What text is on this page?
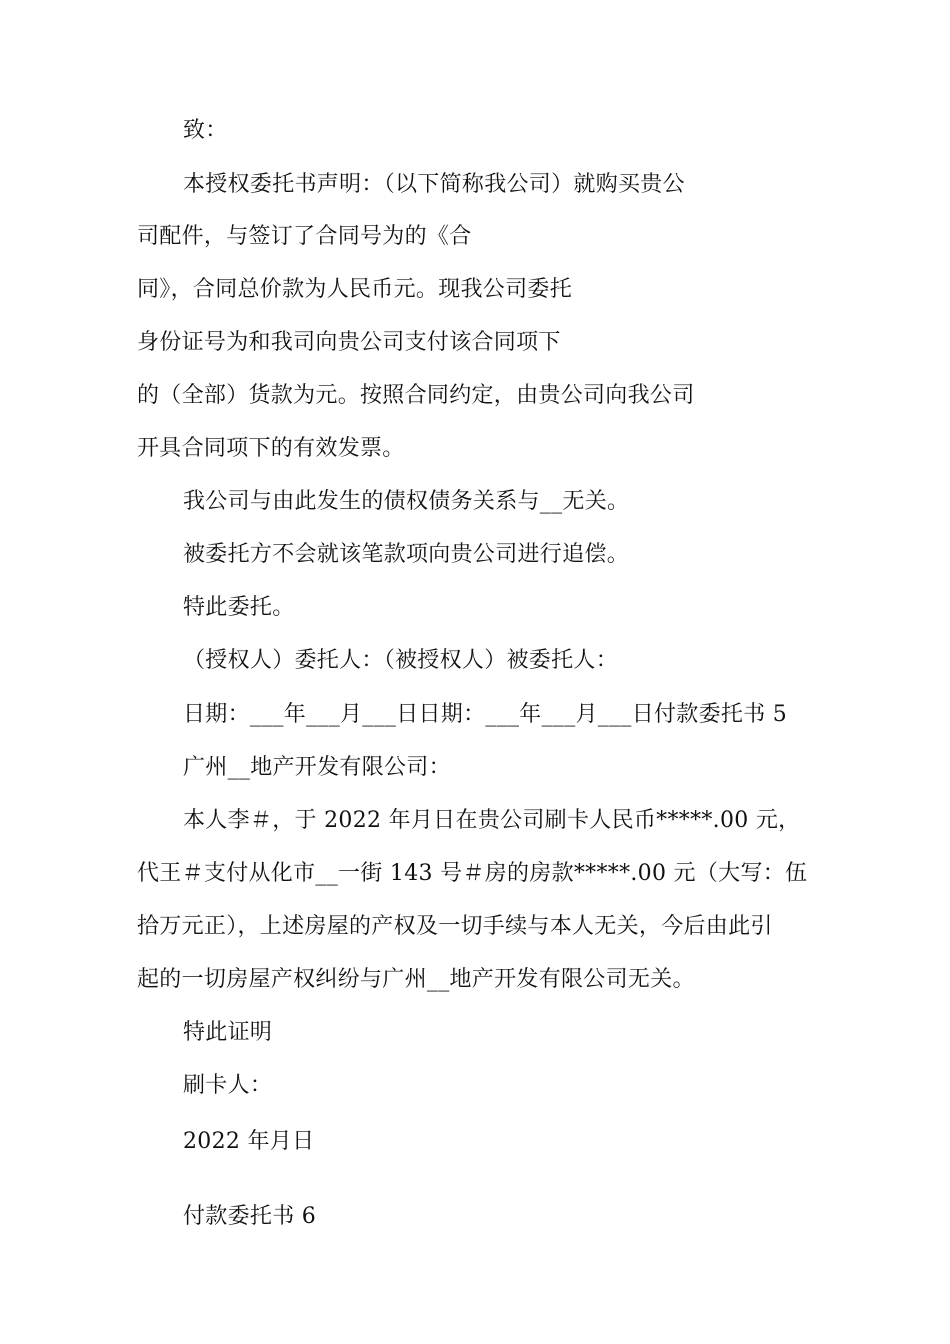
致：
本授权委托书声明：（以下简称我公司）就购买贵公
司配件，与签订了合同号为的《合
同》，合同总价款为人民币元。现我公司委托
身份证号为和我司向贵公司支付该合同项下
的（全部）货款为元。按照合同约定，由贵公司向我公司
开具合同项下的有效发票。
我公司与由此发生的债权债务关系与__无关。
被委托方不会就该笔款项向贵公司进行追偿。
特此委托。
（授权人）委托人：（被授权人）被委托人：
日期：___年___月___日日期：___年___月___日付款委托书 5
广州__地产开发有限公司：
本人李＃，于 2022 年月日在贵公司刷卡人民币*****.00 元，
代王＃支付从化市__一街 143 号＃房的房款*****.00 元（大写：伍
拾万元正），上述房屋的产权及一切手续与本人无关，今后由此引
起的一切房屋产权纠纷与广州__地产开发有限公司无关。
特此证明
刷卡人：
2022 年月日
付款委托书 6
